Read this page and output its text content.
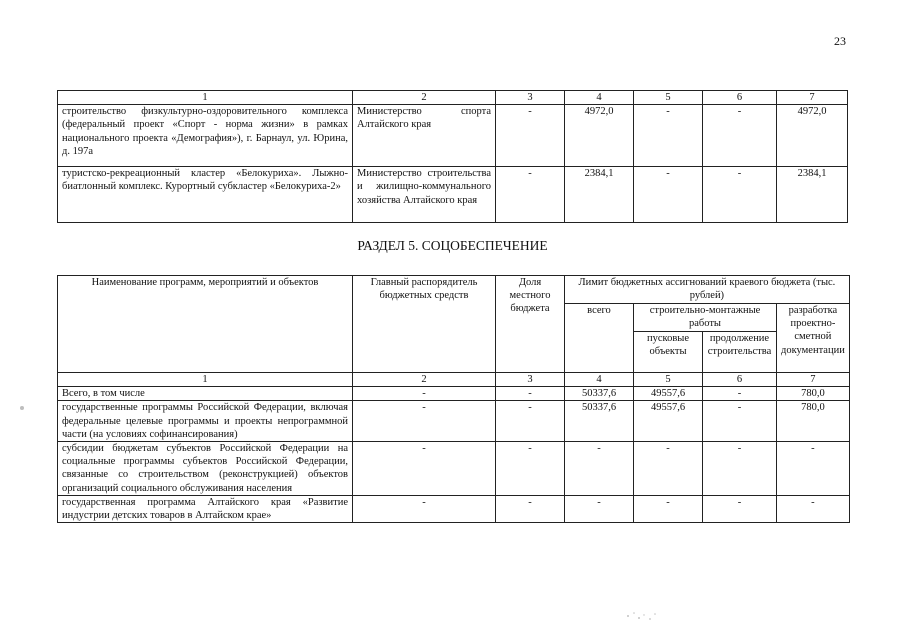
23
1	2	3	4	5	6	7
строительство физкультурно-оздоровительного комплекса (федеральный проект «Спорт - норма жизни» в рамках национального проекта «Демография»), г. Барнаул, ул. Юрина, д. 197а	Министерство спорта Алтайского края	-	4972,0	-	-	4972,0
туристско-рекреационный кластер «Белокуриха». Лыжно-биатлонный комплекс. Курортный субкластер «Белокуриха-2»	Министерство строительства и жилищно-коммунального хозяйства Алтайского края	-	2384,1	-	-	2384,1
РАЗДЕЛ 5. СОЦОБЕСПЕЧЕНИЕ
Наименование программ, мероприятий и объектов	Главный распорядитель бюджетных средств	Доля местного бюджета	Лимит бюджетных ассигнований краевого бюджета (тыс. рублей)			
			всего	строительно-монтажные работы		разработка проектно-сметной документации
				пусковые объекты	продолжение строительства	

1	2	3	4	5	6	7
Всего, в том числе	-	-	50337,6	49557,6	-	780,0
государственные программы Российской Федерации, включая федеральные целевые программы и проекты непрограммной части (на условиях софинансирования)	-	-	50337,6	49557,6	-	780,0
субсидии бюджетам субъектов Российской Федерации на социальные программы субъектов Российской Федерации, связанные со строительством (реконструкцией) объектов организаций социального обслуживания населения	-	-	-	-	-	-
государственная программа Алтайского края «Развитие индустрии детских товаров в Алтайском крае»	-	-	-	-	-	-
